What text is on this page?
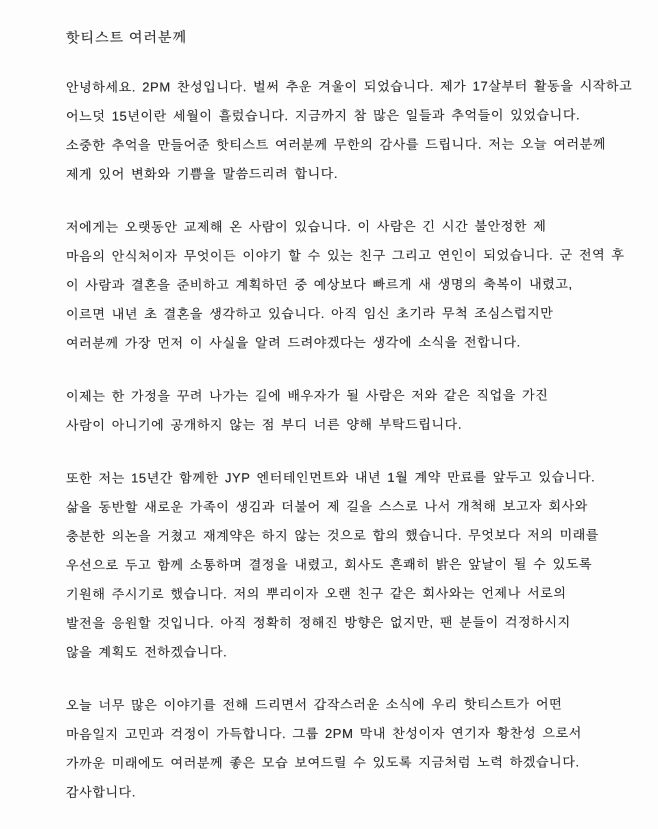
핫티스트 여러분께
안녕하세요. 2PM 찬성입니다. 벌써 추운 겨울이 되었습니다. 제가 17살부터 활동을 시작하고
어느덧 15년이란 세월이 흘렀습니다. 지금까지 참 많은 일들과 추억들이 있었습니다.
소중한 추억을 만들어준 핫티스트 여러분께 무한의 감사를 드립니다. 저는 오늘 여러분께
제게 있어 변화와 기쁨을 말씀드리려 합니다.
저에게는 오랫동안 교제해 온 사람이 있습니다. 이 사람은 긴 시간 불안정한 제
마음의 안식처이자 무엇이든 이야기 할 수 있는 친구 그리고 연인이 되었습니다. 군 전역 후
이 사람과 결혼을 준비하고 계획하던 중 예상보다 빠르게 새 생명의 축복이 내렸고,
이르면 내년 초 결혼을 생각하고 있습니다. 아직 임신 초기라 무척 조심스럽지만
여러분께 가장 먼저 이 사실을 알려 드려야겠다는 생각에 소식을 전합니다.
이제는 한 가정을 꾸려 나가는 길에 배우자가 될 사람은 저와 같은 직업을 가진
사람이 아니기에 공개하지 않는 점 부디 너른 양해 부탁드립니다.
또한 저는 15년간 함께한 JYP 엔터테인먼트와 내년 1월 계약 만료를 앞두고 있습니다.
삶을 동반할 새로운 가족이 생김과 더불어 제 길을 스스로 나서 개척해 보고자 회사와
충분한 의논을 거쳤고 재계약은 하지 않는 것으로 합의 했습니다. 무엇보다 저의 미래를
우선으로 두고 함께 소통하며 결정을 내렸고, 회사도 흔쾌히 밝은 앞날이 될 수 있도록
기원해 주시기로 했습니다. 저의 뿌리이자 오랜 친구 같은 회사와는 언제나 서로의
발전을 응원할 것입니다. 아직 정확히 정해진 방향은 없지만, 팬 분들이 걱정하시지
않을 계획도 전하겠습니다.
오늘 너무 많은 이야기를 전해 드리면서 갑작스러운 소식에 우리 핫티스트가 어떤
마음일지 고민과 걱정이 가득합니다. 그룹 2PM 막내 찬성이자 연기자 황찬성 으로서
가까운 미래에도 여러분께 좋은 모습 보여드릴 수 있도록 지금처럼 노력 하겠습니다.
감사합니다.
